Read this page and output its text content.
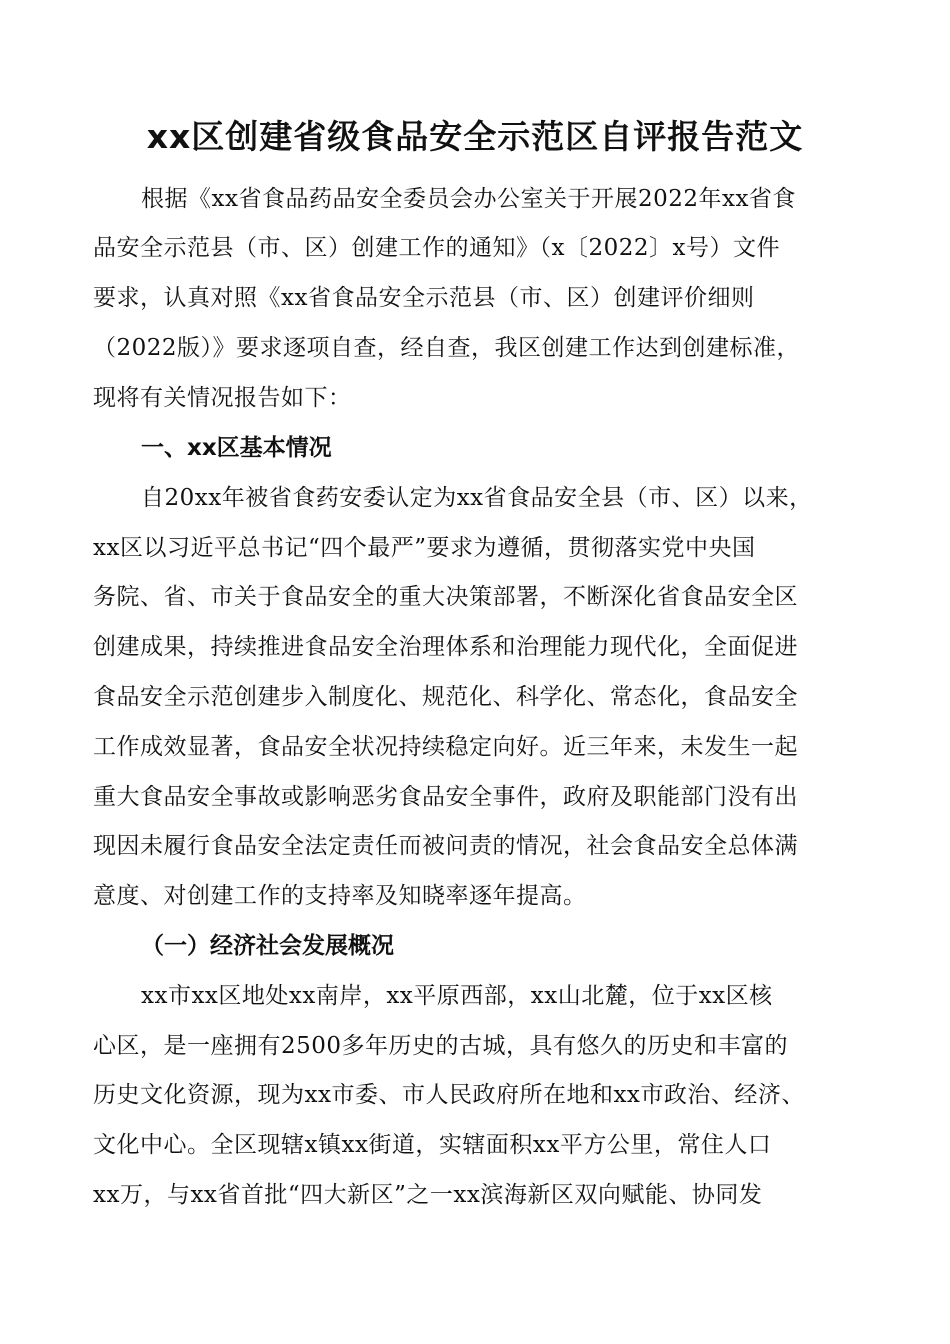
xx区创建省级食品安全示范区自评报告范文
根据《xx省食品药品安全委员会办公室关于开展2022年xx省食
品安全示范县（市、区）创建工作的通知》（x〔2022〕x号）文件
要求，认真对照《xx省食品安全示范县（市、区）创建评价细则
（2022版）》要求逐项自查，经自查，我区创建工作达到创建标准，
现将有关情况报告如下：
一、xx区基本情况
自20xx年被省食药安委认定为xx省食品安全县（市、区）以来，
xx区以习近平总书记“四个最严”要求为遵循，贯彻落实党中央国
务院、省、市关于食品安全的重大决策部署，不断深化省食品安全区
创建成果，持续推进食品安全治理体系和治理能力现代化，全面促进
食品安全示范创建步入制度化、规范化、科学化、常态化，食品安全
工作成效显著，食品安全状况持续稳定向好。近三年来，未发生一起
重大食品安全事故或影响恶劣食品安全事件，政府及职能部门没有出
现因未履行食品安全法定责任而被问责的情况，社会食品安全总体满
意度、对创建工作的支持率及知晓率逐年提高。
（一）经济社会发展概况
xx市xx区地处xx南岸，xx平原西部，xx山北麓，位于xx区核
心区，是一座拥有2500多年历史的古城，具有悠久的历史和丰富的
历史文化资源，现为xx市委、市人民政府所在地和xx市政治、经济、
文化中心。全区现辖x镇xx街道，实辖面积xx平方公里，常住人口
xx万，与xx省首批“四大新区”之一xx滨海新区双向赋能、协同发
